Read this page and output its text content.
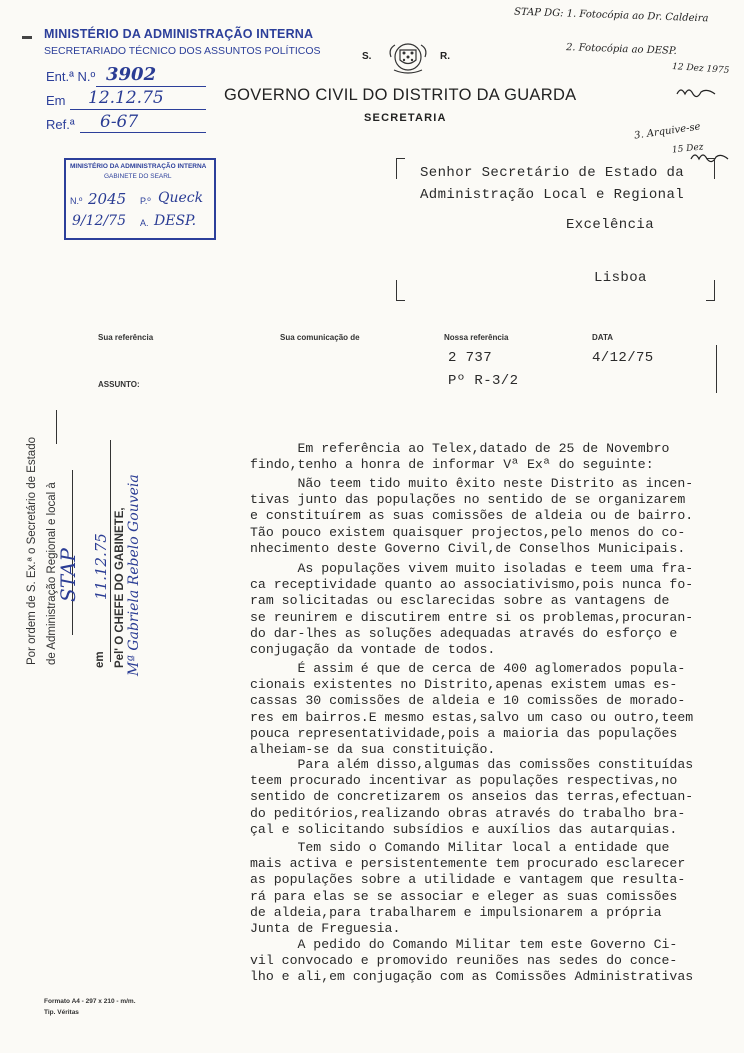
MINISTÉRIO DA ADMINISTRAÇÃO INTERNA
SECRETARIADO TÉCNICO DOS ASSUNTOS POLÍTICOS
Ent.ª N.º 3902
Em 12.12.75
Ref.ª 6-67
S.	R.
GOVERNO CIVIL DO DISTRITO DA GUARDA
SECRETARIA
STAP DG: 1. Fotocópia ao Dr. Caldeira
2. Fotocópia ao DESP.
12 Dez 1975
3. Arquive-se
15 Dez
MINISTÉRIO DA ADMINISTRAÇÃO INTERNA
GABINETE DO SEARL
N.º 2045 P.º Queck
9/12/75 A. DESP.
Senhor Secretário de Estado da
Administração Local e Regional
Excelência
Lisboa
Sua referência	Sua comunicação de	Nossa referência	DATA
2 737	4/12/75
Pº R-3/2
ASSUNTO:
Por ordem de S. Ex.ª o Secretário de Estado de Administração Regional e local à
STAP
em
11.12.75 Pel' O CHEFE DO GABINETE, Mª Gabriela Rebelo Gouveia
Em referência ao Telex,datado de 25 de Novembro
findo,tenho a honra de informar Vª Exª do seguinte:
Não teem tido muito êxito neste Distrito as incen-
tivas junto das populações no sentido de se organizarem
e constituírem as suas comissões de aldeia ou de bairro.
Tão pouco existem quaisquer projectos,pelo menos do co-
nhecimento deste Governo Civil,de Conselhos Municipais.
As populações vivem muito isoladas e teem uma fra-
ca receptividade quanto ao associativismo,pois nunca fo-
ram solicitadas ou esclarecidas sobre as vantagens de
se reunirem e discutirem entre si os problemas,procuran-
do dar-lhes as soluções adequadas através do esforço e
conjugação da vontade de todos.
É assim é que de cerca de 400 aglomerados popula-
cionais existentes no Distrito,apenas existem umas es-
cassas 30 comissões de aldeia e 10 comissões de morado-
res em bairros.E mesmo estas,salvo um caso ou outro,teem
pouca representatividade,pois a maioria das populações
alheiam-se da sua constituição.
Para além disso,algumas das comissões constituídas
teem procurado incentivar as populações respectivas,no
sentido de concretizarem os anseios das terras,efectuan-
do peditórios,realizando obras através do trabalho bra-
çal e solicitando subsídios e auxílios das autarquias.
Tem sido o Comando Militar local a entidade que
mais activa e persistentemente tem procurado esclarecer
as populações sobre a utilidade e vantagem que resulta-
rá para elas se se associar e eleger as suas comissões
de aldeia,para trabalharem e impulsionarem a própria
Junta de Freguesia.
A pedido do Comando Militar tem este Governo Ci-
vil convocado e promovido reuniões nas sedes do conce-
lho e ali,em conjugação com as Comissões Administrativas
Formato A4 - 297 x 210 - m/m.
Tip. Véritas
